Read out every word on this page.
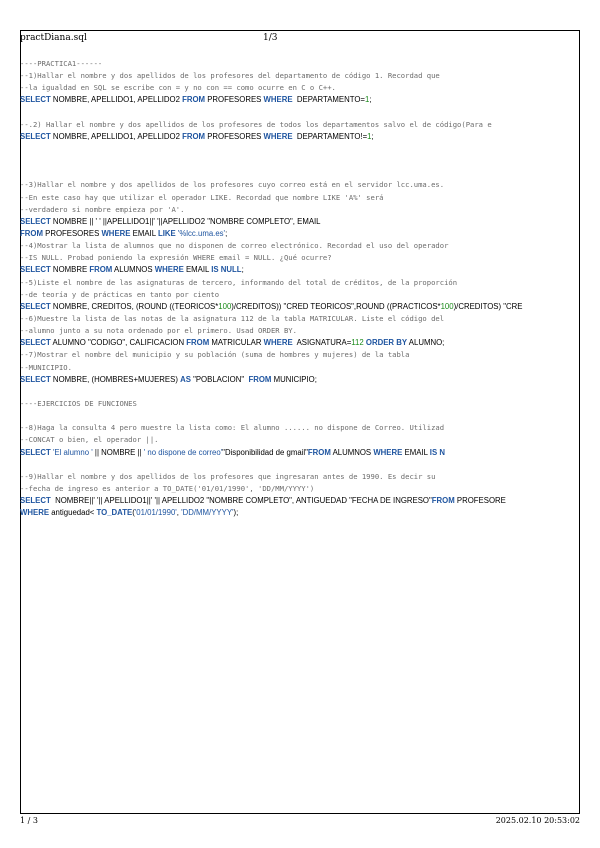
practDiana.sql	1/3
----PRACTICA1------
--1)Hallar el nombre y dos apellidos de los profesores del departamento de código 1. Recordad que
--la igualdad en SQL se escribe con = y no con == como ocurre en C o C++.
SELECT NOMBRE, APELLIDO1, APELLIDO2 FROM PROFESORES WHERE  DEPARTAMENTO=1;

--.2) Hallar el nombre y dos apellidos de los profesores de todos los departamentos salvo el de código(Para e
SELECT NOMBRE, APELLIDO1, APELLIDO2 FROM PROFESORES WHERE  DEPARTAMENTO!=1;

--3)Hallar el nombre y dos apellidos de los profesores cuyo correo está en el servidor lcc.uma.es.
--En este caso hay que utilizar el operador LIKE. Recordad que nombre LIKE 'A%' será
--verdadero si nombre empieza por 'A'.
SELECT NOMBRE || ' ' ||APELLIDO1||' '||APELLIDO2 "NOMBRE COMPLETO", EMAIL
FROM PROFESORES WHERE EMAIL LIKE '%lcc.uma.es';
--4)Mostrar la lista de alumnos que no disponen de correo electrónico. Recordad el uso del operador
--IS NULL. Probad poniendo la expresión WHERE email = NULL. ¿Qué ocurre?
SELECT NOMBRE FROM ALUMNOS WHERE EMAIL IS NULL;
--5)Liste el nombre de las asignaturas de tercero, informando del total de créditos, de la proporción
--de teoría y de prácticas en tanto por ciento
SELECT NOMBRE, CREDITOS, (ROUND ((TEORICOS*100)/CREDITOS)) "CRED TEORICOS",ROUND ((PRACTICOS*100)/CREDITOS) "CRE
--6)Muestre la lista de las notas de la asignatura 112 de la tabla MATRICULAR. Liste el código del
--alumno junto a su nota ordenado por el primero. Usad ORDER BY.
SELECT ALUMNO "CODIGO", CALIFICACION FROM MATRICULAR WHERE  ASIGNATURA=112 ORDER BY ALUMNO;
--7)Mostrar el nombre del municipio y su población (suma de hombres y mujeres) de la tabla
--MUNICIPIO.
SELECT NOMBRE, (HOMBRES+MUJERES) AS "POBLACION"  FROM MUNICIPIO;

----EJERCICIOS DE FUNCIONES

--8)Haga la consulta 4 pero muestre la lista como: El alumno ...... no dispone de Correo. Utilizad
--CONCAT o bien, el operador ||.
SELECT 'El alumno ' || NOMBRE || ' no dispone de correo'"Disponibilidad de gmail"FROM ALUMNOS WHERE EMAIL IS N

--9)Hallar el nombre y dos apellidos de los profesores que ingresaran antes de 1990. Es decir su
--fecha de ingreso es anterior a TO_DATE('01/01/1990', 'DD/MM/YYYY')
SELECT  NOMBRE||' '|| APELLIDO1||' '|| APELLIDO2 "NOMBRE COMPLETO", ANTIGUEDAD "FECHA DE INGRESO"FROM PROFESORE
WHERE antiguedad< TO_DATE('01/01/1990', 'DD/MM/YYYY');
1 / 3	2025.02.10 20:53:02
